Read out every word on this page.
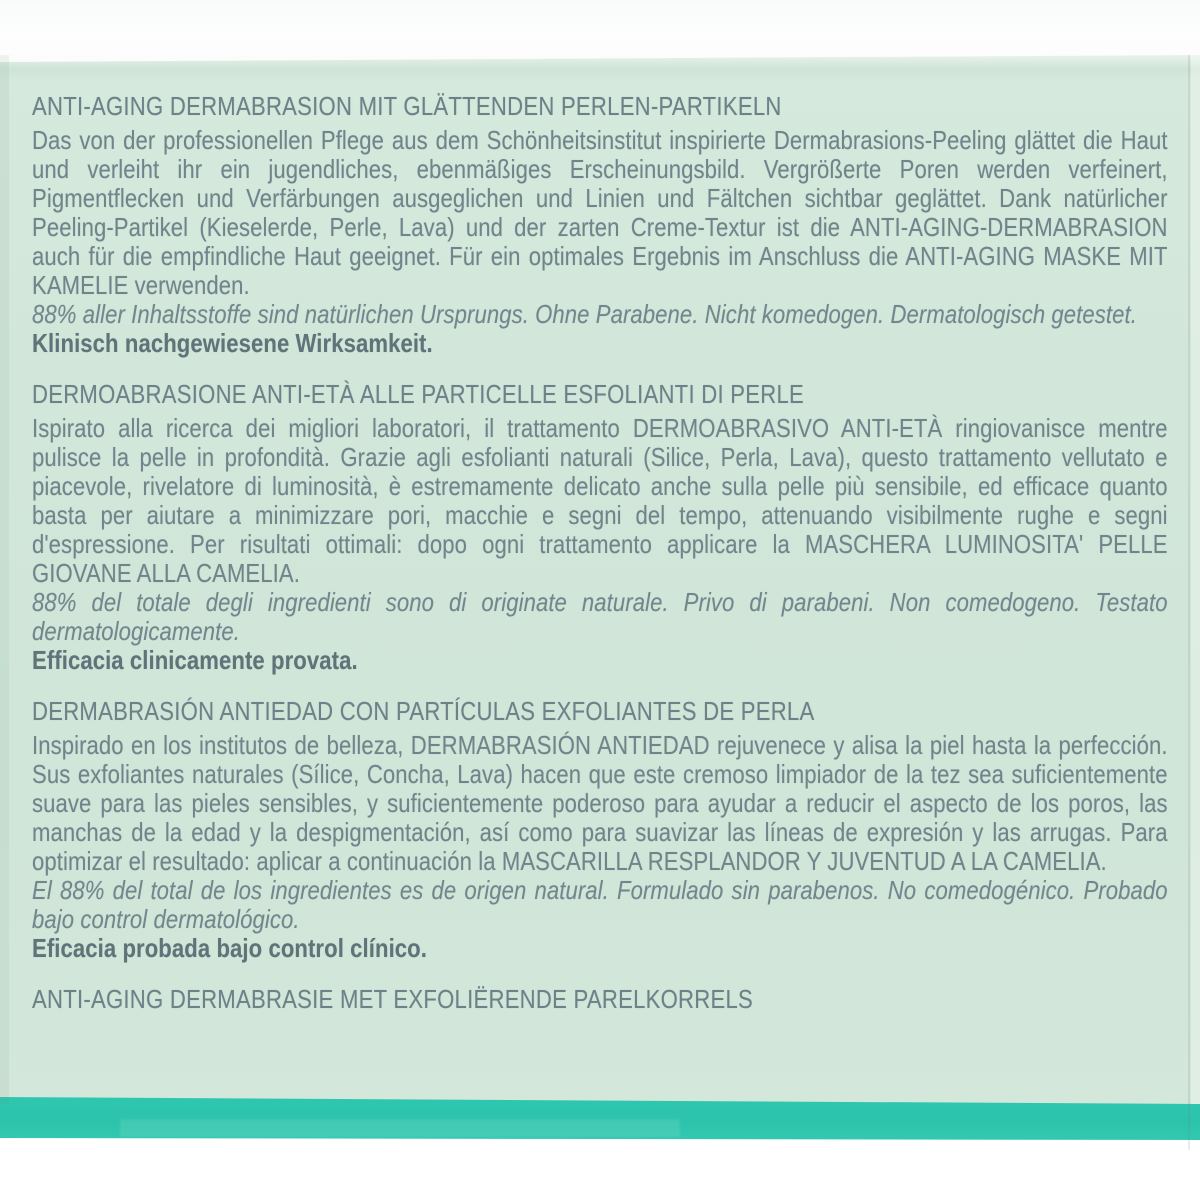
ANTI-AGING DERMABRASION MIT GLÄTTENDEN PERLEN-PARTIKELN

Das von der professionellen Pflege aus dem Schönheitsinstitut inspirierte Dermabrasions-Peeling glättet die Haut und verleiht ihr ein jugendliches, ebenmäßiges Erscheinungsbild. Vergrößerte Poren werden verfeinert, Pigmentflecken und Verfärbungen ausgeglichen und Linien und Fältchen sichtbar geglättet. Dank natürlicher Peeling-Partikel (Kieselerde, Perle, Lava) und der zarten Creme-Textur ist die ANTI-AGING-DERMABRASION auch für die empfindliche Haut geeignet. Für ein optimales Ergebnis im Anschluss die ANTI-AGING MASKE MIT KAMELIE verwenden.

88% aller Inhaltsstoffe sind natürlichen Ursprungs. Ohne Parabene. Nicht komedogen. Dermatologisch getestet.

Klinisch nachgewiesene Wirksamkeit.

DERMOABRASIONE ANTI-ETÀ ALLE PARTICELLE ESFOLIANTI DI PERLE

Ispirato alla ricerca dei migliori laboratori, il trattamento DERMOABRASIVO ANTI-ETÀ ringiovanisce mentre pulisce la pelle in profondità. Grazie agli esfolianti naturali (Silice, Perla, Lava), questo trattamento vellutato e piacevole, rivelatore di luminosità, è estremamente delicato anche sulla pelle più sensibile, ed efficace quanto basta per aiutare a minimizzare pori, macchie e segni del tempo, attenuando visibilmente rughe e segni d'espressione. Per risultati ottimali: dopo ogni trattamento applicare la MASCHERA LUMINOSITA' PELLE GIOVANE ALLA CAMELIA.

88% del totale degli ingredienti sono di originate naturale. Privo di parabeni. Non comedogeno. Testato dermatologicamente.

Efficacia clinicamente provata.

DERMABRASIÓN ANTIEDAD CON PARTÍCULAS EXFOLIANTES DE PERLA

Inspirado en los institutos de belleza, DERMABRASIÓN ANTIEDAD rejuvenece y alisa la piel hasta la perfección. Sus exfoliantes naturales (Sílice, Concha, Lava) hacen que este cremoso limpiador de la tez sea suficientemente suave para las pieles sensibles, y suficientemente poderoso para ayudar a reducir el aspecto de los poros, las manchas de la edad y la despigmentación, así como para suavizar las líneas de expresión y las arrugas. Para optimizar el resultado: aplicar a continuación la MASCARILLA RESPLANDOR Y JUVENTUD A LA CAMELIA.

El 88% del total de los ingredientes es de origen natural. Formulado sin parabenos. No comedogénico. Probado bajo control dermatológico.

Eficacia probada bajo control clínico.

ANTI-AGING DERMABRASIE MET EXFOLIËRENDE PARELKORRELS
